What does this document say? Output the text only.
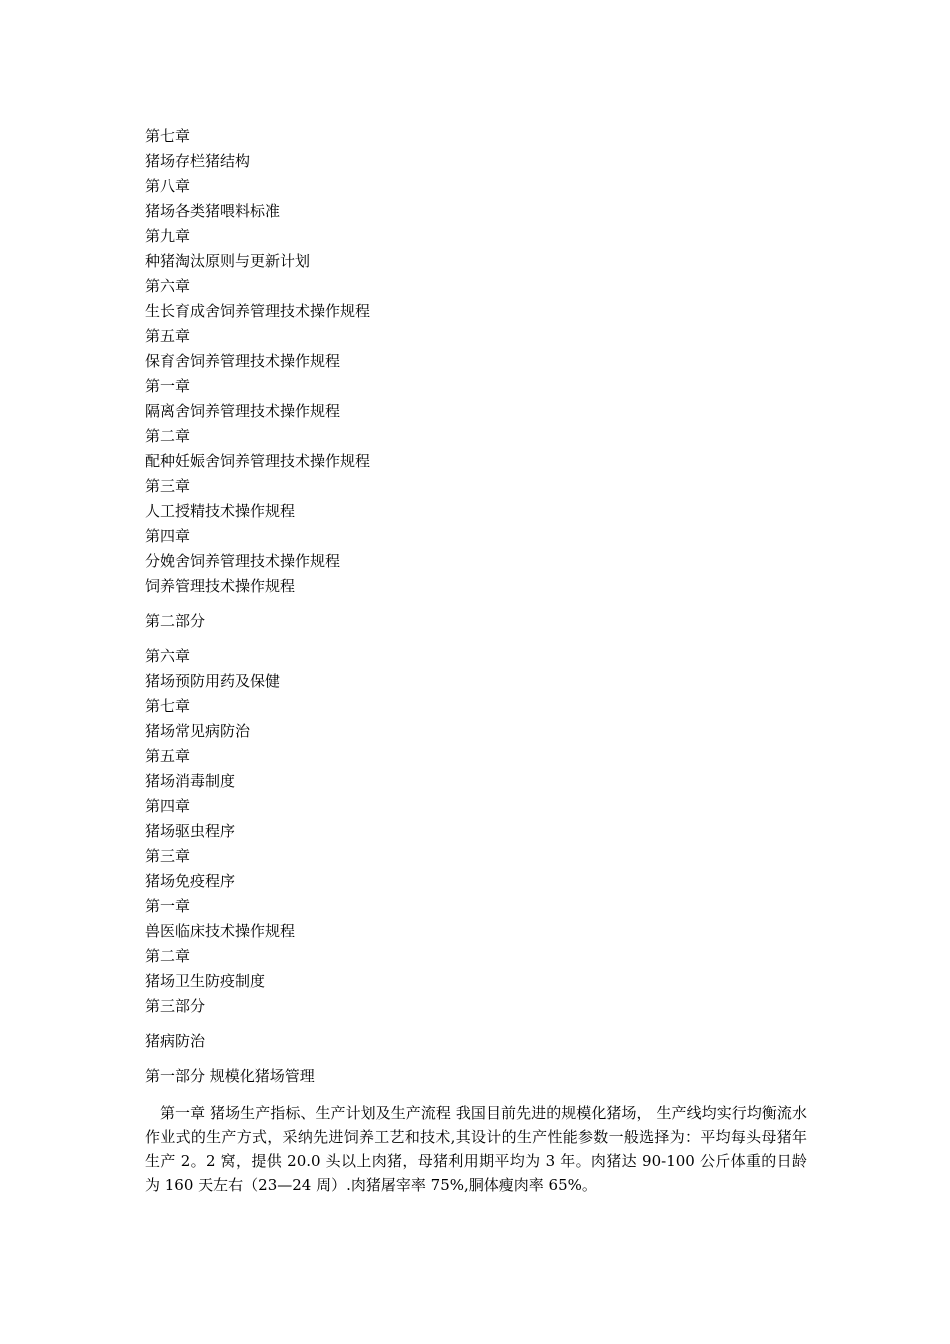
第七章
猪场存栏猪结构
第八章
猪场各类猪喂料标准
第九章
种猪淘汰原则与更新计划
第六章
生长育成舍饲养管理技术操作规程
第五章
保育舍饲养管理技术操作规程
第一章
隔离舍饲养管理技术操作规程
第二章
配种妊娠舍饲养管理技术操作规程
第三章
人工授精技术操作规程
第四章
分娩舍饲养管理技术操作规程
饲养管理技术操作规程
第二部分
第六章
猪场预防用药及保健
第七章
猪场常见病防治
第五章
猪场消毒制度
第四章
猪场驱虫程序
第三章
猪场免疫程序
第一章
兽医临床技术操作规程
第二章
猪场卫生防疫制度
第三部分
猪病防治
第一部分 规模化猪场管理
第一章 猪场生产指标、生产计划及生产流程 我国目前先进的规模化猪场， 生产线均实行均衡流水作业式的生产方式，采纳先进饲养工艺和技术,其设计的生产性能参数一般选择为：平均每头母猪年生产 2。2 窝，提供 20.0 头以上肉猪，母猪利用期平均为 3 年。肉猪达 90-100 公斤体重的日龄为 160 天左右（23—24 周）.肉猪屠宰率 75%,胴体瘦肉率 65%。
